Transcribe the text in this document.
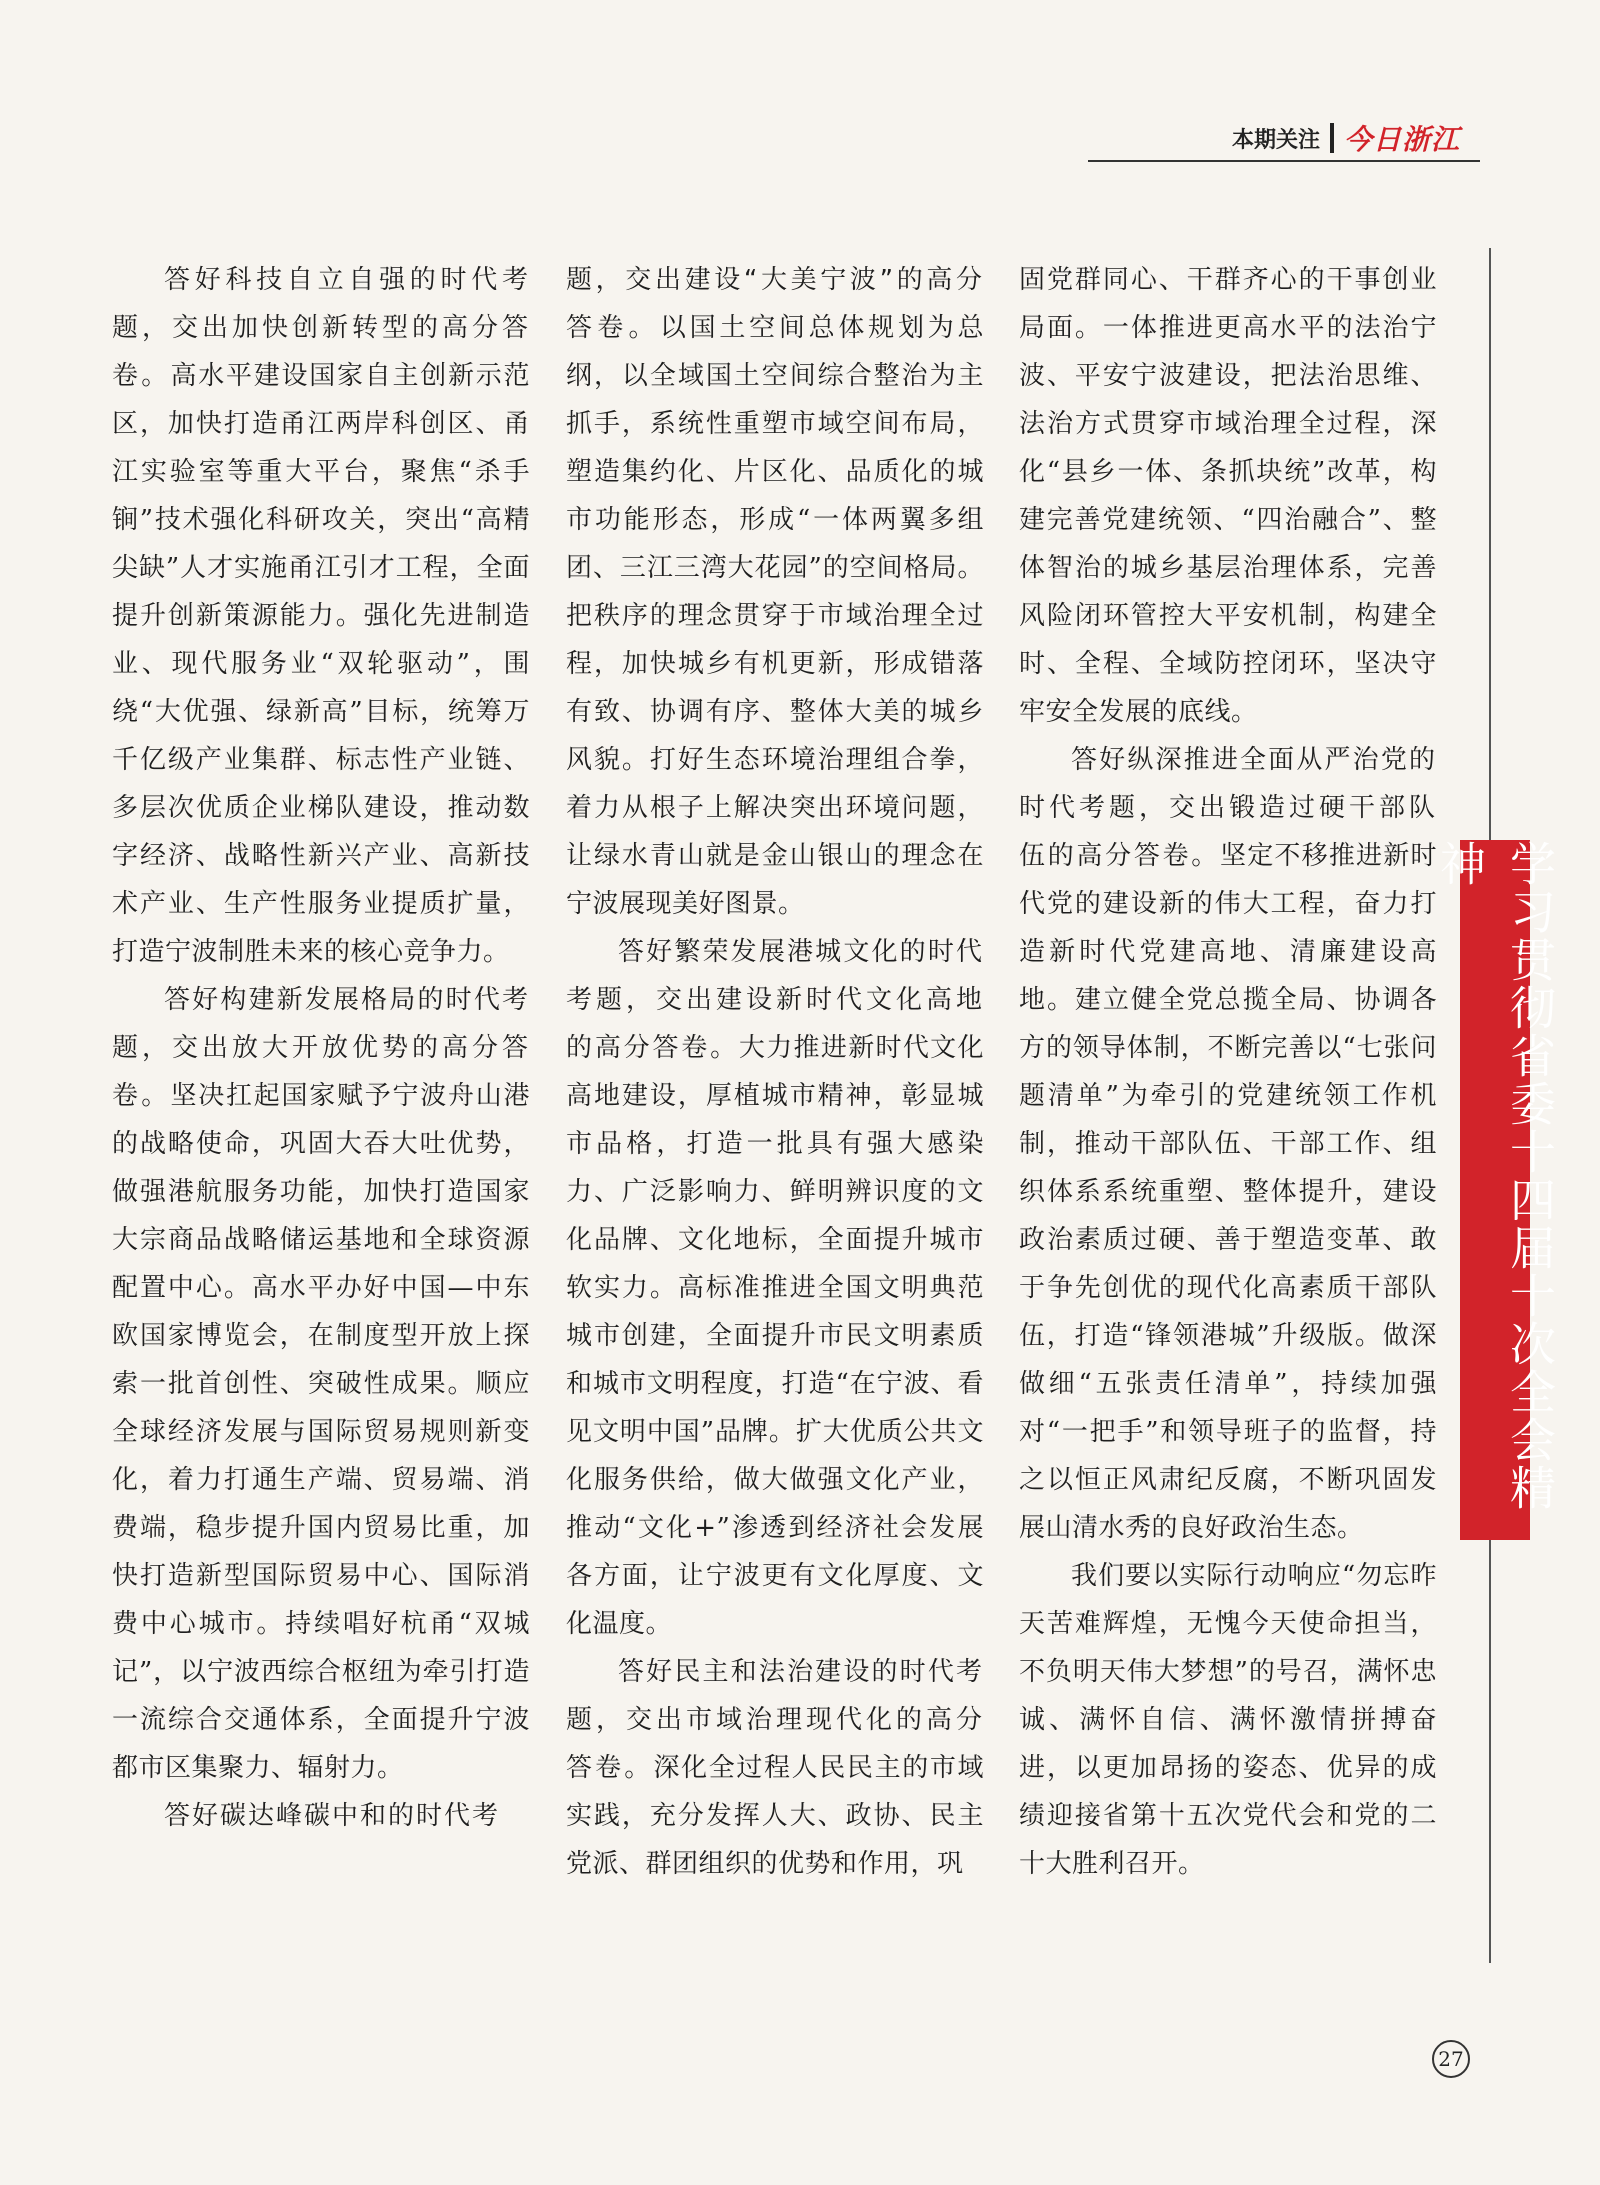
本期关注 今日浙江

答好科技自立自强的时代考题，交出加快创新转型的高分答卷。高水平建设国家自主创新示范区，加快打造甬江两岸科创区、甬江实验室等重大平台，聚焦“杀手锏”技术强化科研攻关，突出“高精尖缺”人才实施甬江引才工程，全面提升创新策源能力。强化先进制造业、现代服务业“双轮驱动”，围绕“大优强、绿新高”目标，统筹万千亿级产业集群、标志性产业链、多层次优质企业梯队建设，推动数字经济、战略性新兴产业、高新技术产业、生产性服务业提质扩量，打造宁波制胜未来的核心竞争力。

答好构建新发展格局的时代考题，交出放大开放优势的高分答卷。坚决扛起国家赋予宁波舟山港的战略使命，巩固大吞大吐优势，做强港航服务功能，加快打造国家大宗商品战略储运基地和全球资源配置中心。高水平办好中国—中东欧国家博览会，在制度型开放上探索一批首创性、突破性成果。顺应全球经济发展与国际贸易规则新变化，着力打通生产端、贸易端、消费端，稳步提升国内贸易比重，加快打造新型国际贸易中心、国际消费中心城市。持续唱好杭甬“双城记”，以宁波西综合枢纽为牵引打造一流综合交通体系，全面提升宁波都市区集聚力、辐射力。

答好碳达峰碳中和的时代考

题，交出建设“大美宁波”的高分答卷。以国土空间总体规划为总纲，以全域国土空间综合整治为主抓手，系统性重塑市域空间布局，塑造集约化、片区化、品质化的城市功能形态，形成“一体两翼多组团、三江三湾大花园”的空间格局。把秩序的理念贯穿于市域治理全过程，加快城乡有机更新，形成错落有致、协调有序、整体大美的城乡风貌。打好生态环境治理组合拳，着力从根子上解决突出环境问题，让绿水青山就是金山银山的理念在宁波展现美好图景。

答好繁荣发展港城文化的时代考题，交出建设新时代文化高地的高分答卷。大力推进新时代文化高地建设，厚植城市精神，彰显城市品格，打造一批具有强大感染力、广泛影响力、鲜明辨识度的文化品牌、文化地标，全面提升城市软实力。高标准推进全国文明典范城市创建，全面提升市民文明素质和城市文明程度，打造“在宁波、看见文明中国”品牌。扩大优质公共文化服务供给，做大做强文化产业，推动“文化+”渗透到经济社会发展各方面，让宁波更有文化厚度、文化温度。

答好民主和法治建设的时代考题，交出市域治理现代化的高分答卷。深化全过程人民民主的市域实践，充分发挥人大、政协、民主党派、群团组织的优势和作用，巩

固党群同心、干群齐心的干事创业局面。一体推进更高水平的法治宁波、平安宁波建设，把法治思维、法治方式贯穿市域治理全过程，深化“县乡一体、条抓块统”改革，构建完善党建统领、“四治融合”、整体智治的城乡基层治理体系，完善风险闭环管控大平安机制，构建全时、全程、全域防控闭环，坚决守牢安全发展的底线。

答好纵深推进全面从严治党的时代考题，交出锻造过硬干部队伍的高分答卷。坚定不移推进新时代党的建设新的伟大工程，奋力打造新时代党建高地、清廉建设高地。建立健全党总揽全局、协调各方的领导体制，不断完善以“七张问题清单”为牵引的党建统领工作机制，推动干部队伍、干部工作、组织体系系统重塑、整体提升，建设政治素质过硬、善于塑造变革、敢于争先创优的现代化高素质干部队伍，打造“锋领港城”升级版。做深做细“五张责任清单”，持续加强对“一把手”和领导班子的监督，持之以恒正风肃纪反腐，不断巩固发展山清水秀的良好政治生态。

我们要以实际行动响应“勿忘昨天苦难辉煌，无愧今天使命担当，不负明天伟大梦想”的号召，满怀忠诚、满怀自信、满怀激情拼搏奋进，以更加昂扬的姿态、优异的成绩迎接省第十五次党代会和党的二十大胜利召开。

学习贯彻省委十四届十次全会精神
27
